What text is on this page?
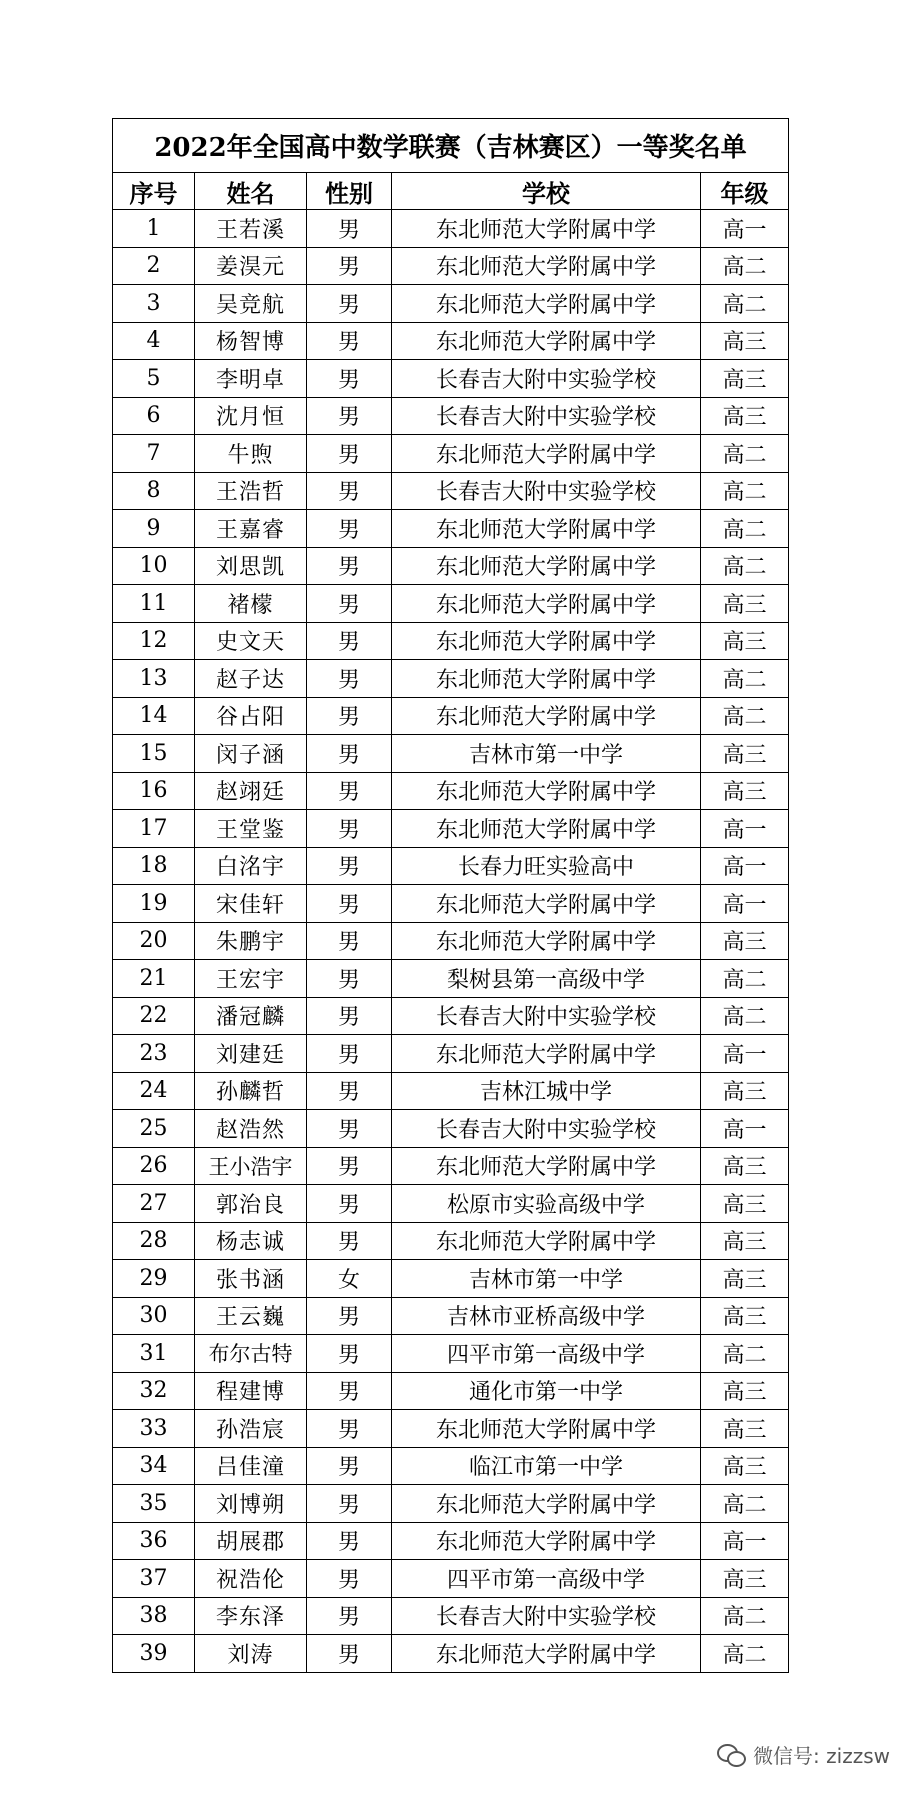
2022年全国高中数学联赛（吉林赛区）一等奖名单				
序号	姓名	性别	学校	年级
1	王若溪	男	东北师范大学附属中学	高一
2	姜淏元	男	东北师范大学附属中学	高二
3	吴竞航	男	东北师范大学附属中学	高二
4	杨智博	男	东北师范大学附属中学	高三
5	李明卓	男	长春吉大附中实验学校	高三
6	沈月恒	男	长春吉大附中实验学校	高三
7	牛煦	男	东北师范大学附属中学	高二
8	王浩哲	男	长春吉大附中实验学校	高二
9	王嘉睿	男	东北师范大学附属中学	高二
10	刘思凯	男	东北师范大学附属中学	高二
11	褚檬	男	东北师范大学附属中学	高三
12	史文天	男	东北师范大学附属中学	高三
13	赵子达	男	东北师范大学附属中学	高二
14	谷占阳	男	东北师范大学附属中学	高二
15	闵子涵	男	吉林市第一中学	高三
16	赵翊廷	男	东北师范大学附属中学	高三
17	王堂鉴	男	东北师范大学附属中学	高一
18	白洺宇	男	长春力旺实验高中	高一
19	宋佳轩	男	东北师范大学附属中学	高一
20	朱鹏宇	男	东北师范大学附属中学	高三
21	王宏宇	男	梨树县第一高级中学	高二
22	潘冠麟	男	长春吉大附中实验学校	高二
23	刘建廷	男	东北师范大学附属中学	高一
24	孙麟哲	男	吉林江城中学	高三
25	赵浩然	男	长春吉大附中实验学校	高一
26	王小浩宇	男	东北师范大学附属中学	高三
27	郭治良	男	松原市实验高级中学	高三
28	杨志诚	男	东北师范大学附属中学	高三
29	张书涵	女	吉林市第一中学	高三
30	王云巍	男	吉林市亚桥高级中学	高三
31	布尔古特	男	四平市第一高级中学	高二
32	程建博	男	通化市第一中学	高三
33	孙浩宸	男	东北师范大学附属中学	高三
34	吕佳潼	男	临江市第一中学	高三
35	刘博朔	男	东北师范大学附属中学	高二
36	胡展郡	男	东北师范大学附属中学	高一
37	祝浩伦	男	四平市第一高级中学	高三
38	李东泽	男	长春吉大附中实验学校	高二
39	刘涛	男	东北师范大学附属中学	高二
微信号: zizzsw
